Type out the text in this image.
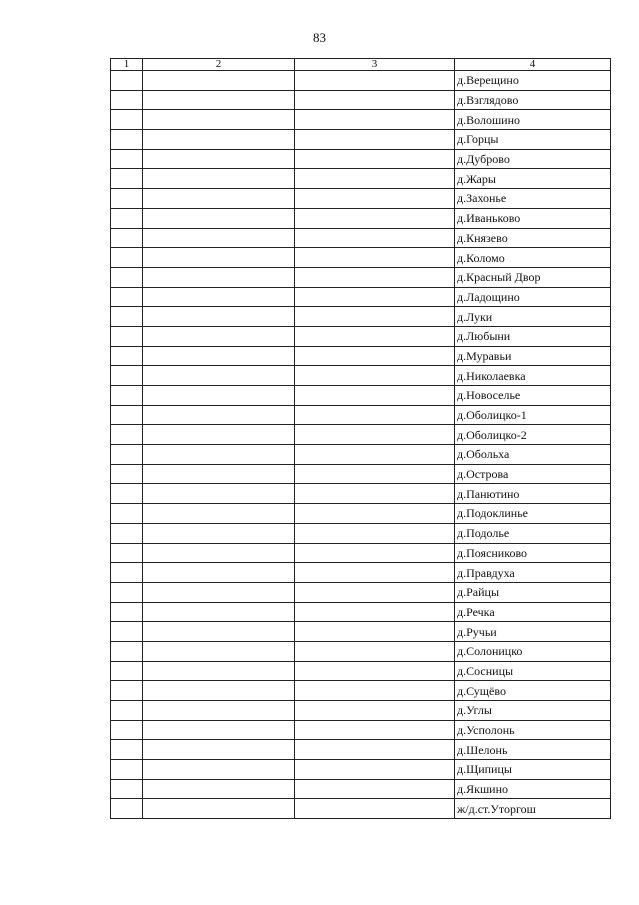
83
1	2	3	4
			д.Верещино
			д.Взглядово
			д.Волошино
			д.Горцы
			д.Дуброво
			д.Жары
			д.Захонье
			д.Иваньково
			д.Князево
			д.Коломо
			д.Красный Двор
			д.Ладощино
			д.Луки
			д.Любыни
			д.Муравьи
			д.Николаевка
			д.Новоселье
			д.Оболицко-1
			д.Оболицко-2
			д.Обольха
			д.Острова
			д.Панютино
			д.Подоклинье
			д.Подолье
			д.Поясниково
			д.Правдуха
			д.Райцы
			д.Речка
			д.Ручьи
			д.Солоницко
			д.Сосницы
			д.Сущёво
			д.Углы
			д.Усполонь
			д.Шелонь
			д.Щипицы
			д.Якшино
			ж/д.ст.Уторгош
